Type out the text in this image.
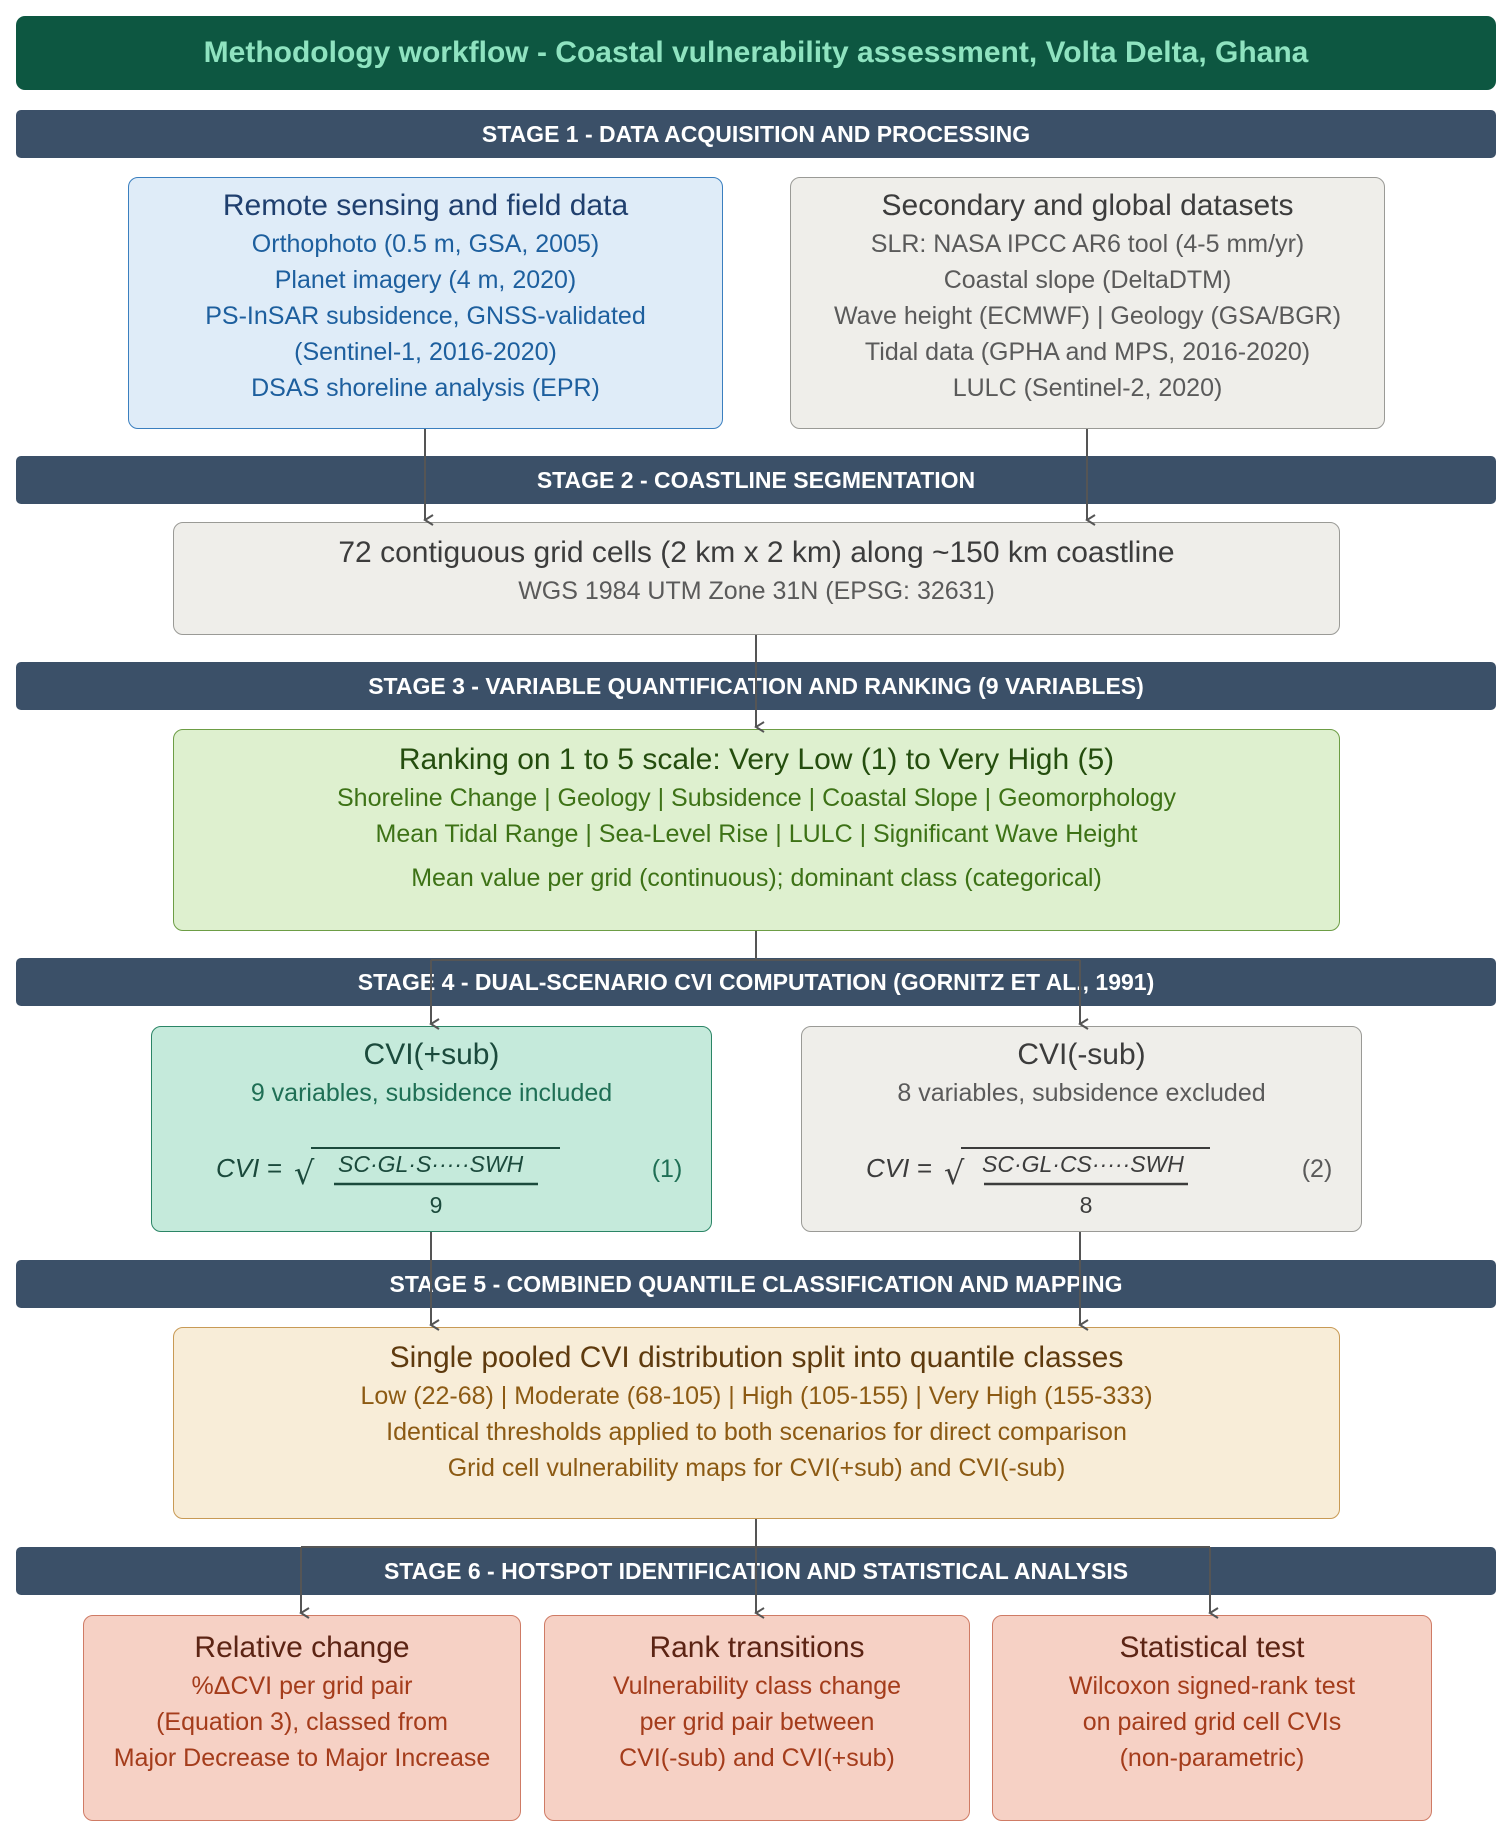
Methodology workflow - Coastal vulnerability assessment, Volta Delta, Ghana
STAGE 1 - DATA ACQUISITION AND PROCESSING
STAGE 2 - COASTLINE SEGMENTATION
STAGE 3 - VARIABLE QUANTIFICATION AND RANKING (9 VARIABLES)
STAGE 4 - DUAL-SCENARIO CVI COMPUTATION (GORNITZ ET AL., 1991)
STAGE 5 - COMBINED QUANTILE CLASSIFICATION AND MAPPING
STAGE 6 - HOTSPOT IDENTIFICATION AND STATISTICAL ANALYSIS
Remote sensing and field data
Orthophoto (0.5 m, GSA, 2005)
Planet imagery (4 m, 2020)
PS-InSAR subsidence, GNSS-validated
(Sentinel-1, 2016-2020)
DSAS shoreline analysis (EPR)
Secondary and global datasets
SLR: NASA IPCC AR6 tool (4-5 mm/yr)
Coastal slope (DeltaDTM)
Wave height (ECMWF) | Geology (GSA/BGR)
Tidal data (GPHA and MPS, 2016-2020)
LULC (Sentinel-2, 2020)
72 contiguous grid cells (2 km x 2 km) along ~150 km coastline
WGS 1984 UTM Zone 31N (EPSG: 32631)
Ranking on 1 to 5 scale: Very Low (1) to Very High (5)
Shoreline Change | Geology | Subsidence | Coastal Slope | Geomorphology
Mean Tidal Range | Sea-Level Rise | LULC | Significant Wave Height
Mean value per grid (continuous); dominant class (categorical)
CVI(+sub)
9 variables, subsidence included
CVI = √ SC·GL·S·····SWH
9
(1)
CVI(-sub)
8 variables, subsidence excluded
CVI = √ SC·GL·CS·····SWH
8
(2)
Single pooled CVI distribution split into quantile classes
Low (22-68) | Moderate (68-105) | High (105-155) | Very High (155-333)
Identical thresholds applied to both scenarios for direct comparison
Grid cell vulnerability maps for CVI(+sub) and CVI(-sub)
Relative change
%ΔCVI per grid pair
(Equation 3), classed from
Major Decrease to Major Increase
Rank transitions
Vulnerability class change
per grid pair between
CVI(-sub) and CVI(+sub)
Statistical test
Wilcoxon signed-rank test
on paired grid cell CVIs
(non-parametric)
